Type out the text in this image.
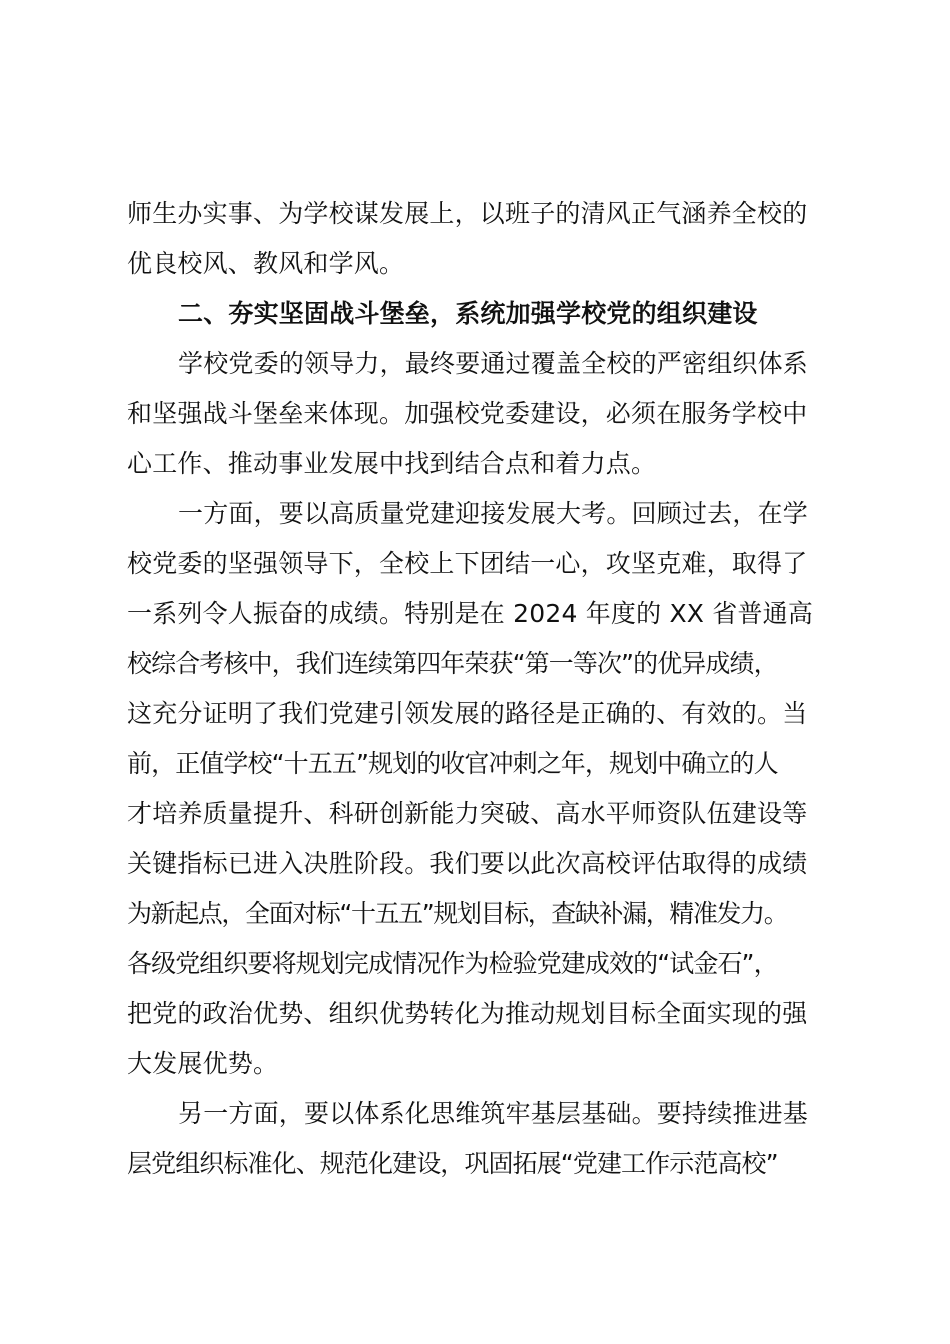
师生办实事、为学校谋发展上，以班子的清风正气涵养全校的
优良校风、教风和学风。
二、夯实坚固战斗堡垒，系统加强学校党的组织建设
学校党委的领导力，最终要通过覆盖全校的严密组织体系
和坚强战斗堡垒来体现。加强校党委建设，必须在服务学校中
心工作、推动事业发展中找到结合点和着力点。
一方面，要以高质量党建迎接发展大考。回顾过去，在学
校党委的坚强领导下，全校上下团结一心，攻坚克难，取得了
一系列令人振奋的成绩。特别是在 2024 年度的 XX 省普通高
校综合考核中，我们连续第四年荣获“第一等次”的优异成绩，
这充分证明了我们党建引领发展的路径是正确的、有效的。当
前，正值学校“十五五”规划的收官冲刺之年，规划中确立的人
才培养质量提升、科研创新能力突破、高水平师资队伍建设等
关键指标已进入决胜阶段。我们要以此次高校评估取得的成绩
为新起点，全面对标“十五五”规划目标，查缺补漏，精准发力。
各级党组织要将规划完成情况作为检验党建成效的“试金石”，
把党的政治优势、组织优势转化为推动规划目标全面实现的强
大发展优势。
另一方面，要以体系化思维筑牢基层基础。要持续推进基
层党组织标准化、规范化建设，巩固拓展“党建工作示范高校”
